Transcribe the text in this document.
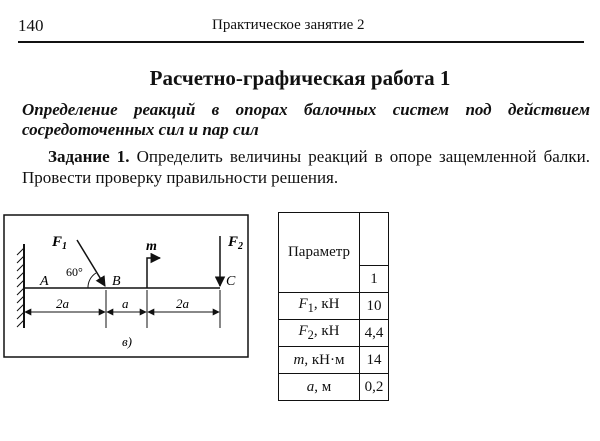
140	Практическое занятие 2
Расчетно-графическая работа 1
Определение реакций в опорах балочных систем под действием сосредоточенных сил и пар сил
Задание 1. Определить величины реакций в опоре защемленной балки. Провести проверку правильности решения.
$F_1$
60°
m	$F_2$
A	B	C
2a	a	2a
в)
Параметр	
	1
$F_1$, кН	10
$F_2$, кН	4,4
m, кН·м	14
a, м	0,2
